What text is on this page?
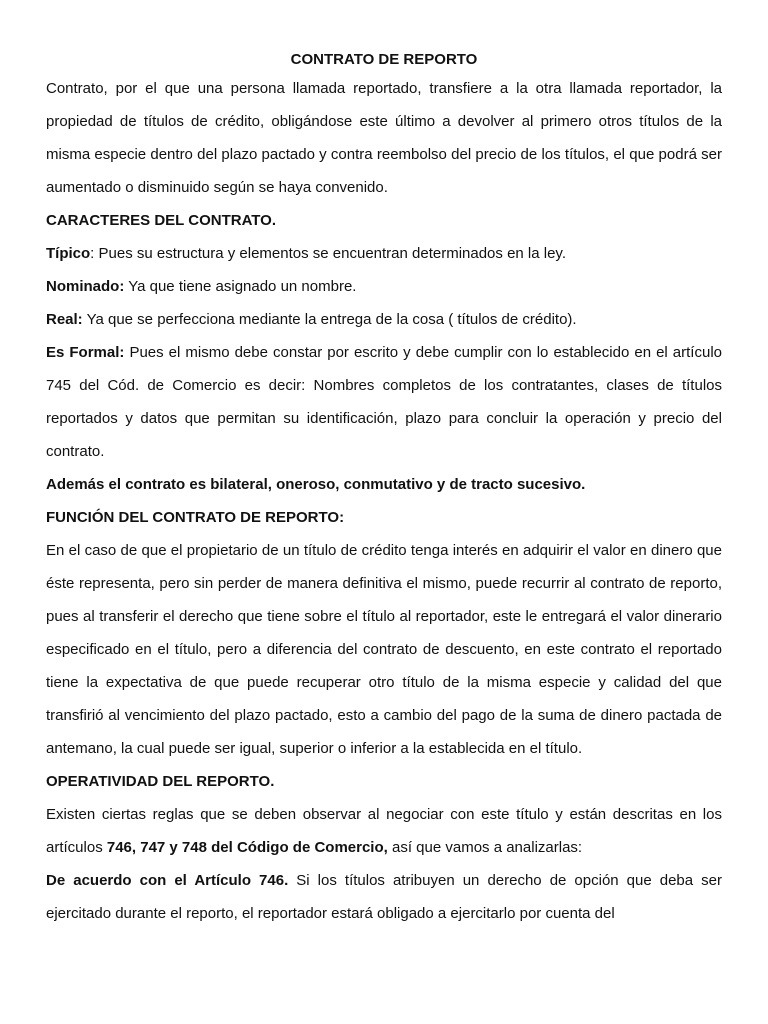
CONTRATO DE REPORTO

Contrato, por el que una persona llamada reportado, transfiere a la otra llamada reportador, la propiedad de títulos de crédito, obligándose este último a devolver al primero otros títulos de la misma especie dentro del plazo pactado y contra reembolso del precio de los títulos, el que podrá ser aumentado o disminuido según se haya convenido.

CARACTERES DEL CONTRATO.

Típico: Pues su estructura y elementos se encuentran determinados en la ley.

Nominado: Ya que tiene asignado un nombre.

Real: Ya que se perfecciona mediante la entrega de la cosa ( títulos de crédito).

Es Formal: Pues el mismo debe constar por escrito y debe cumplir con lo establecido en el artículo 745 del Cód. de Comercio es decir: Nombres completos de los contratantes, clases de títulos reportados y datos que permitan su identificación, plazo para concluir la operación y precio del contrato.

Además el contrato es bilateral, oneroso, conmutativo y de tracto sucesivo.

FUNCIÓN DEL CONTRATO DE REPORTO:

En el caso de que el propietario de un título de crédito tenga interés en adquirir el valor en dinero que éste representa, pero sin perder de manera definitiva el mismo, puede recurrir al contrato de reporto, pues al transferir el derecho que tiene sobre el título al reportador, este le entregará el valor dinerario especificado en el título, pero a diferencia del contrato de descuento, en este contrato el reportado tiene la expectativa de que puede recuperar otro título de la misma especie y calidad del que transfirió al vencimiento del plazo pactado, esto a cambio del pago de la suma de dinero pactada de antemano, la cual puede ser igual, superior o inferior a la establecida en el título.

OPERATIVIDAD DEL REPORTO.

Existen ciertas reglas que se deben observar al negociar con este título y están descritas en los artículos 746, 747 y 748 del Código de Comercio, así que vamos a analizarlas:

De acuerdo con el Artículo 746. Si los títulos atribuyen un derecho de opción que deba ser ejercitado durante el reporto, el reportador estará obligado a ejercitarlo por cuenta del
